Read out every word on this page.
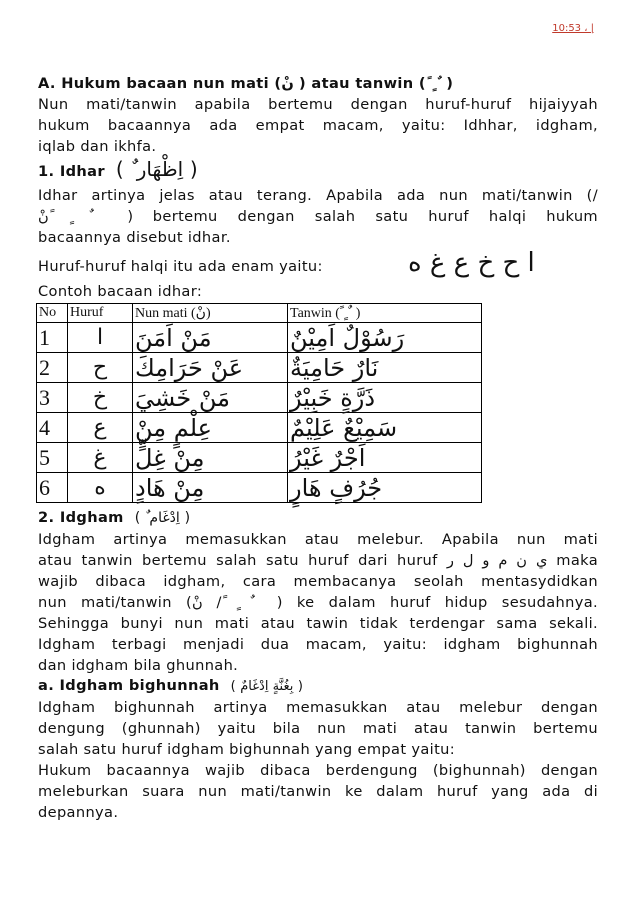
10:53 ، |
A. Hukum bacaan nun mati (نْ ) atau tanwin ( ً ٍ ٌ )
Nun mati/tanwin apabila bertemu dengan huruf-huruf hijaiyyah
hukum bacaannya ada empat macam, yaitu: Idhhar, idgham,
iqlab dan ikhfa.
1. Idhar ( اِظْهَار ٌ )
Idhar artinya jelas atau terang. Apabila ada nun mati/tanwin (/
نْ ً ٍ ٌ ) bertemu dengan salah satu huruf halqi hukum
bacaannya disebut idhar.
Huruf-huruf halqi itu ada enam yaitu:	ا ح خ ع غ ه
Contoh bacaan idhar:
No	Huruf	Nun mati (نْ)	Tanwin ( ً ٍ ٌ )
1	ا	مَنْ اَمَنَ	رَسُوْلٌ اَمِيْنٌ
2	ح	عَنْ حَرَامِكَ	نَارٌ حَامِيَةٌ
3	خ	مَنْ خَشِيَ	ذَرَّةٍ خَبِيْرٌ
4	ع	عِلْمٍ مِنْ	سَمِيْعٌ عَلِيْمٌ
5	غ	مِنْ غِلٍّ	اَجْرٌ غَيْرُ
6	ه	مِنْ هَادٍ	جُرُفٍ هَارٍ
2. Idgham ( اِدْغَام ٌ )
Idgham artinya memasukkan atau melebur. Apabila nun mati
atau tanwin bertemu salah satu huruf dari huruf ي ن م و ل ر maka
wajib dibaca idgham, cara membacanya seolah mentasydidkan
nun mati/tanwin (نْ / ً ٍ ٌ ) ke dalam huruf hidup sesudahnya.
Sehingga bunyi nun mati atau tawin tidak terdengar sama sekali.
Idgham terbagi menjadi dua macam, yaitu: idgham bighunnah
dan idgham bila ghunnah.
a. Idgham bighunnah ( بِغُنَّةٍ اِدْغَامٌ )
Idgham bighunnah artinya memasukkan atau melebur dengan
dengung (ghunnah) yaitu bila nun mati atau tanwin bertemu
salah satu huruf idgham bighunnah yang empat yaitu:
Hukum bacaannya wajib dibaca berdengung (bighunnah) dengan
meleburkan suara nun mati/tanwin ke dalam huruf yang ada di
depannya.
